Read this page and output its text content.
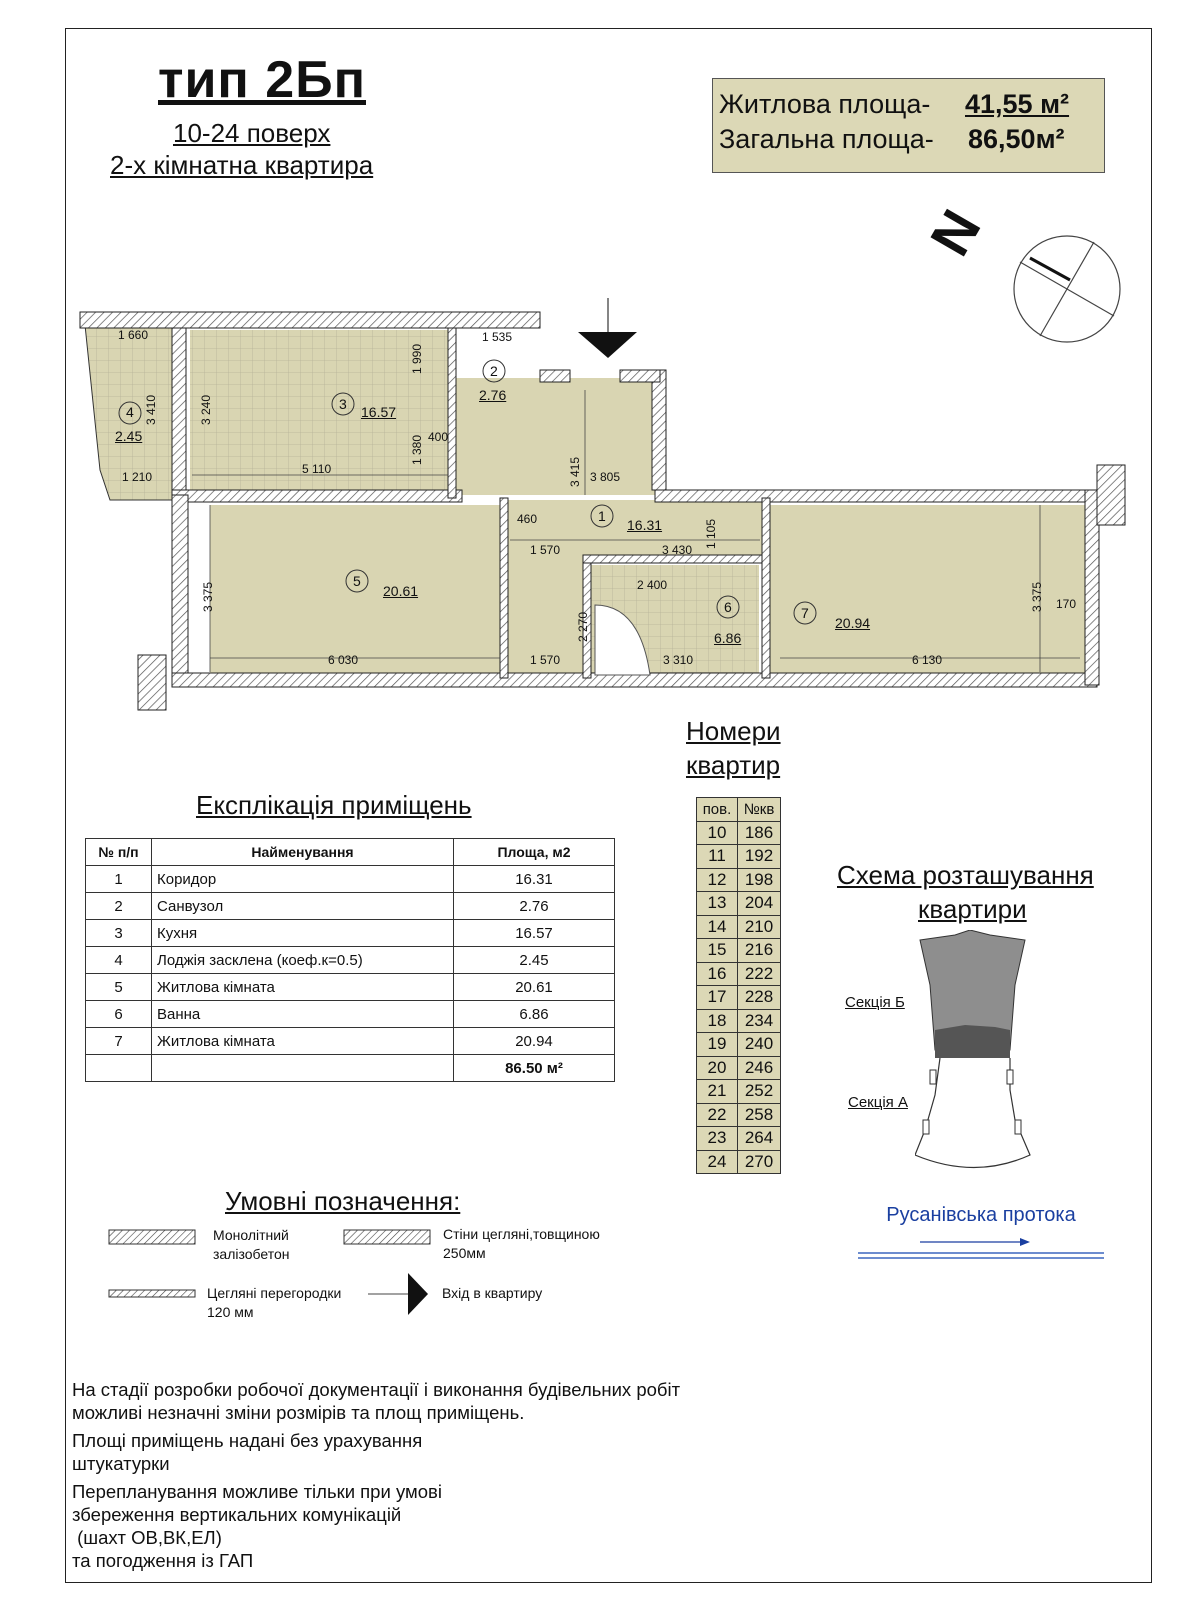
тип 2Бп
10-24 поверх
2-х кімнатна квартира
Житлова площа- 41,55 м²
Загальна площа- 86,50м²
N
4
2.45
3 16.57
2
2.76
1
16.31
5
20.61
6
6.86
7
20.94
1 660	1 535
1 990
3 410	3 240
400
1 380
5 110
1 210	3 415 3 805
460
1 570	3 430
1 105
3 375	2 400
2 270
3 310
6 030	1 570	6 130
3 375 170
Експлікація приміщень
№ п/п	Найменування	Площа, м2
1	Коридор	16.31
2	Санвузол	2.76
3	Кухня	16.57
4	Лоджія засклена (коеф.к=0.5)	2.45
5	Житлова кімната	20.61
6	Ванна	6.86
7	Житлова кімната	20.94
		86.50 м²
Номери
квартир
пов.	№кв
10	186
11	192
12	198
13	204
14	210
15	216
16	222
17	228
18	234
19	240
20	246
21	252
22	258
23	264
24	270
Схема розташування
квартири
Секція Б
Секція А
Русанівська протока
Умовні позначення:
Монолітний
залізобетон
Стіни цегляні,товщиною
250мм
Цегляні перегородки
120 мм
Вхід в квартиру

На стадії розробки робочої документації і виконання будівельних робіт
можливі незначні зміни розмірів та площ приміщень.

Площі приміщень надані без урахування
штукатурки

Перепланування можливе тільки при умові
збереження вертикальних комунікацій
(шахт ОВ,ВК,ЕЛ)
та погодження із ГАП
